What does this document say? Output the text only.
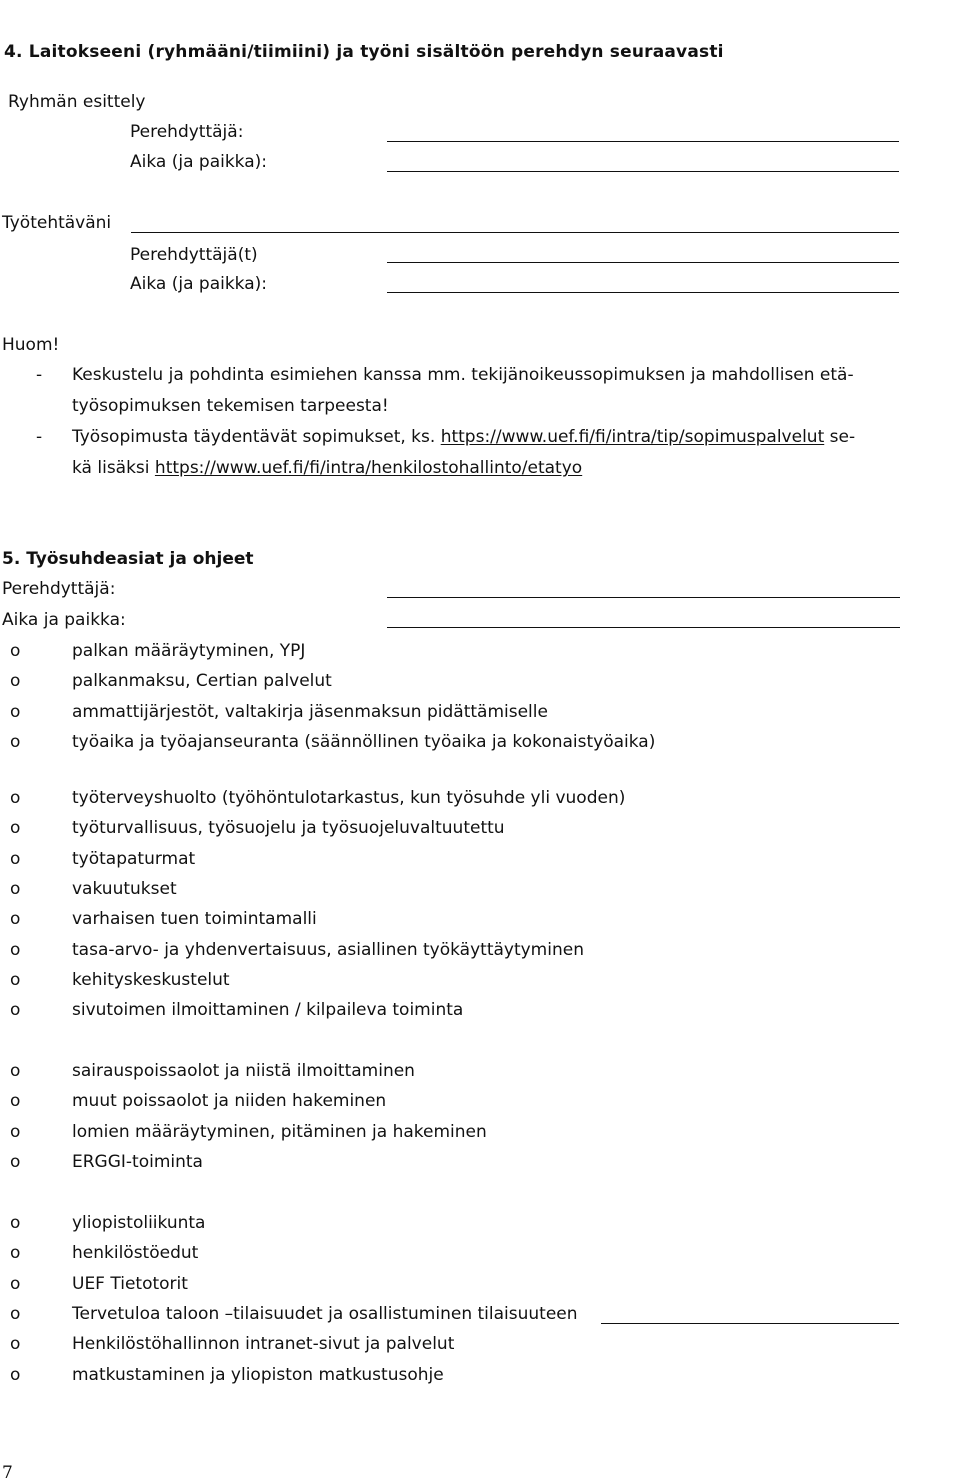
4. Laitokseeni (ryhmääni/tiimiini) ja työni sisältöön perehdyn seuraavasti
Ryhmän esittely
Perehdyttäjä:
Aika (ja paikka):
Työtehtäväni
Perehdyttäjä(t)
Aika (ja paikka):
Huom!
- Keskustelu ja pohdinta esimiehen kanssa mm. tekijänoikeussopimuksen ja mahdollisen etä-
työsopimuksen tekemisen tarpeesta!
- Työsopimusta täydentävät sopimukset, ks. https://www.uef.fi/fi/intra/tip/sopimuspalvelut se-
kä lisäksi https://www.uef.fi/fi/intra/henkilostohallinto/etatyo
5. Työsuhdeasiat ja ohjeet
Perehdyttäjä:
Aika ja paikka:
o	palkan määräytyminen, YPJ
o	palkanmaksu, Certian palvelut
o	ammattijärjestöt, valtakirja jäsenmaksun pidättämiselle
o	työaika ja työajanseuranta (säännöllinen työaika ja kokonaistyöaika)
o	työterveyshuolto (työhöntulotarkastus, kun työsuhde yli vuoden)
o	työturvallisuus, työsuojelu ja työsuojeluvaltuutettu
o	työtapaturmat
o	vakuutukset
o	varhaisen tuen toimintamalli
o	tasa-arvo- ja yhdenvertaisuus, asiallinen työkäyttäytyminen
o	kehityskeskustelut
o	sivutoimen ilmoittaminen / kilpaileva toiminta
o	sairauspoissaolot ja niistä ilmoittaminen
o	muut poissaolot ja niiden hakeminen
o	lomien määräytyminen, pitäminen ja hakeminen
o	ERGGI-toiminta
o	yliopistoliikunta
o	henkilöstöedut
o	UEF Tietotorit
o	Tervetuloa taloon –tilaisuudet ja osallistuminen tilaisuuteen
o	Henkilöstöhallinnon intranet-sivut ja palvelut
o	matkustaminen ja yliopiston matkustusohje
7
